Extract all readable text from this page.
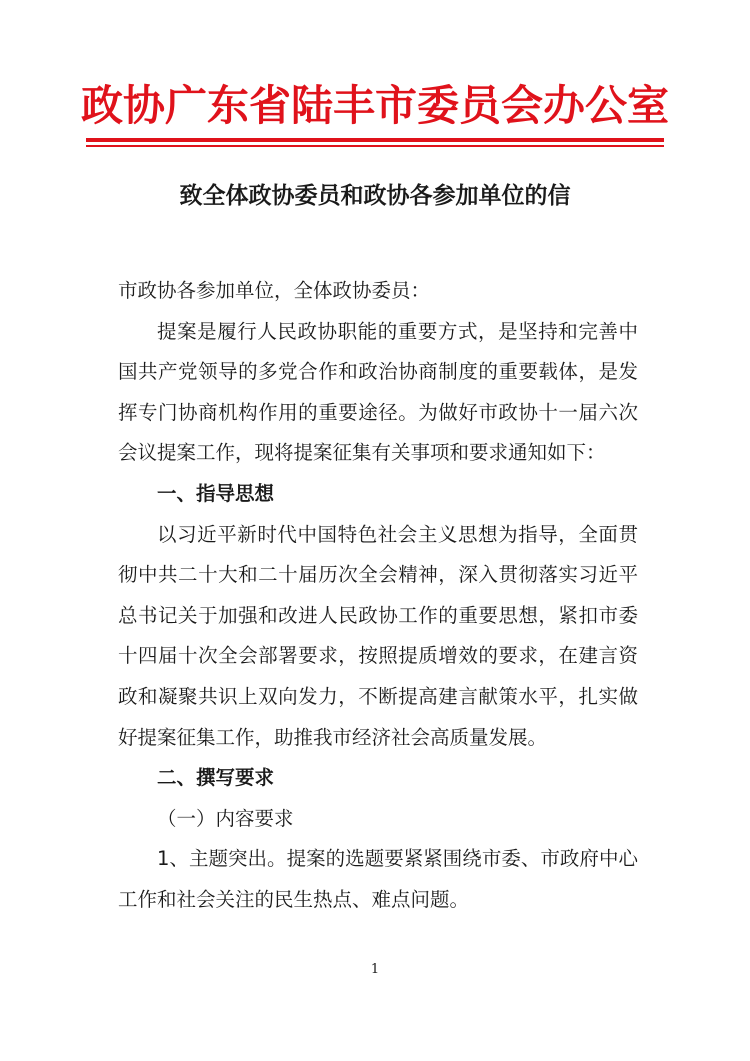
政协广东省陆丰市委员会办公室
致全体政协委员和政协各参加单位的信

市政协各参加单位，全体政协委员：

提案是履行人民政协职能的重要方式，是坚持和完善中国共产党领导的多党合作和政治协商制度的重要载体，是发挥专门协商机构作用的重要途径。为做好市政协十一届六次会议提案工作，现将提案征集有关事项和要求通知如下：

一、指导思想

以习近平新时代中国特色社会主义思想为指导，全面贯彻中共二十大和二十届历次全会精神，深入贯彻落实习近平总书记关于加强和改进人民政协工作的重要思想，紧扣市委十四届十次全会部署要求，按照提质增效的要求，在建言资政和凝聚共识上双向发力，不断提高建言献策水平，扎实做好提案征集工作，助推我市经济社会高质量发展。

二、撰写要求

（一）内容要求

1、主题突出。提案的选题要紧紧围绕市委、市政府中心工作和社会关注的民生热点、难点问题。

1
